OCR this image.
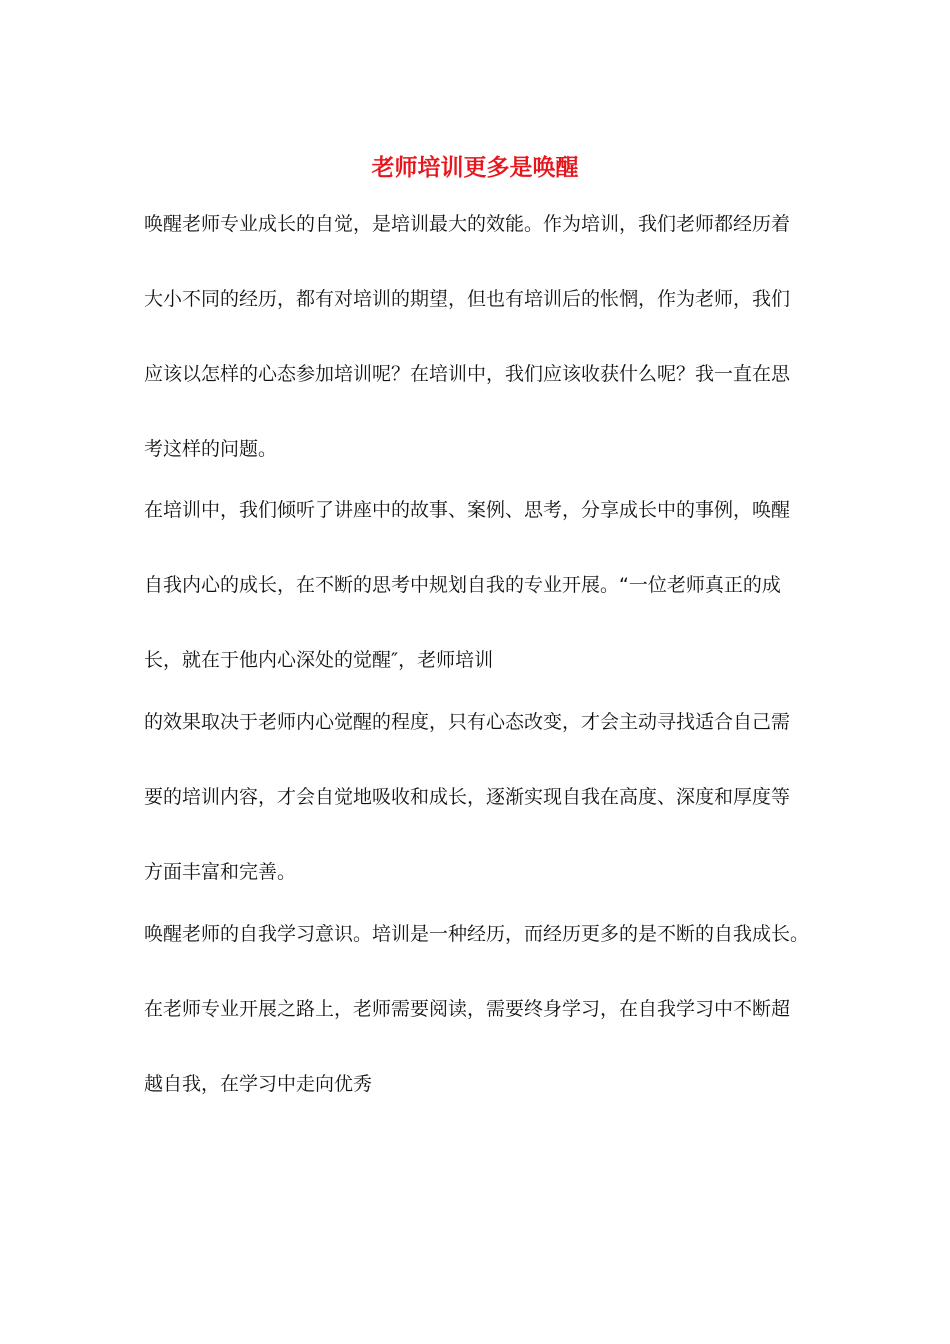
老师培训更多是唤醒

唤醒老师专业成长的自觉，是培训最大的效能。作为培训，我们老师都经历着

大小不同的经历，都有对培训的期望，但也有培训后的怅惘，作为老师，我们

应该以怎样的心态参加培训呢？在培训中，我们应该收获什么呢？我一直在思

考这样的问题。

在培训中，我们倾听了讲座中的故事、案例、思考，分享成长中的事例，唤醒

自我内心的成长，在不断的思考中规划自我的专业开展。“一位老师真正的成

长，就在于他内心深处的觉醒″，老师培训

的效果取决于老师内心觉醒的程度，只有心态改变，才会主动寻找适合自己需

要的培训内容，才会自觉地吸收和成长，逐渐实现自我在高度、深度和厚度等

方面丰富和完善。

唤醒老师的自我学习意识。培训是一种经历，而经历更多的是不断的自我成长。

在老师专业开展之路上，老师需要阅读，需要终身学习，在自我学习中不断超

越自我，在学习中走向优秀
